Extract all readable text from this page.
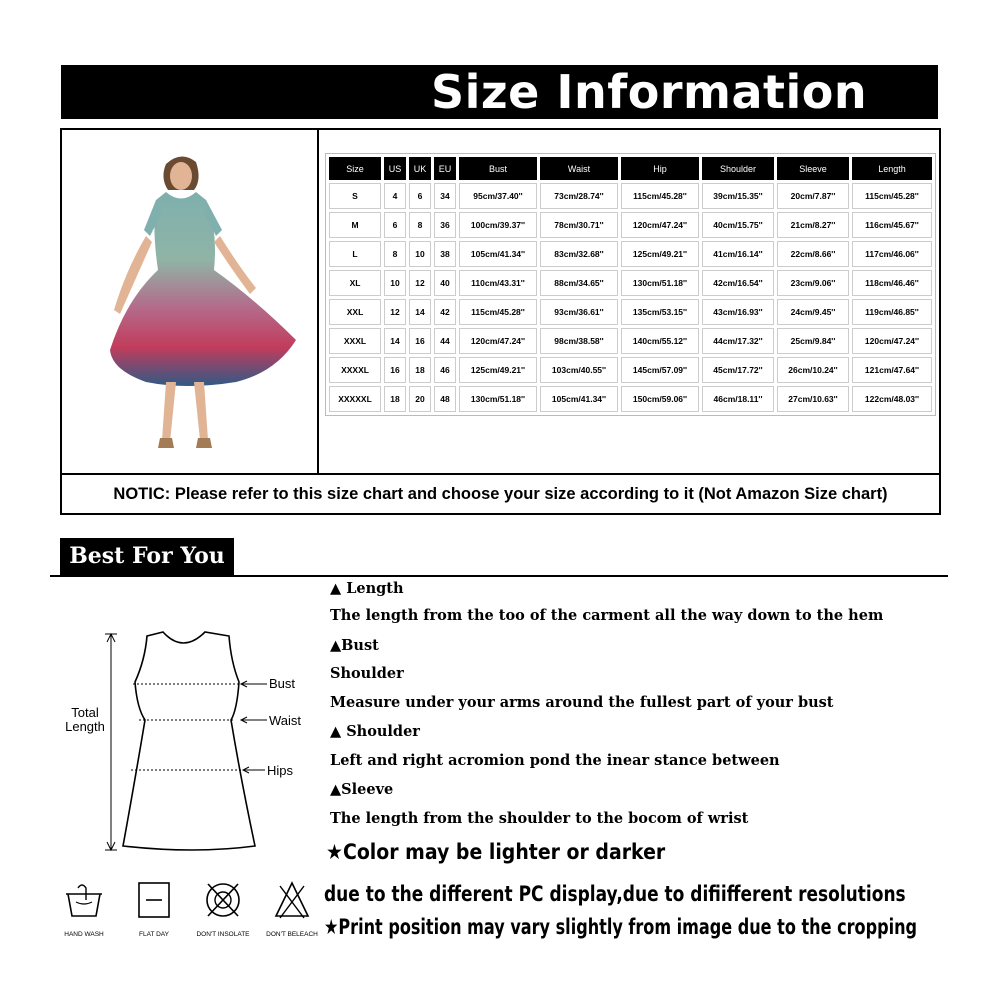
Size Information
Size	US	UK	EU	Bust	Waist	Hip	Shoulder	Sleeve	Length
S	4	6	34	95cm/37.40''	73cm/28.74''	115cm/45.28''	39cm/15.35''	20cm/7.87''	115cm/45.28''
M	6	8	36	100cm/39.37''	78cm/30.71''	120cm/47.24''	40cm/15.75''	21cm/8.27''	116cm/45.67''
L	8	10	38	105cm/41.34''	83cm/32.68''	125cm/49.21''	41cm/16.14''	22cm/8.66''	117cm/46.06''
XL	10	12	40	110cm/43.31''	88cm/34.65''	130cm/51.18''	42cm/16.54''	23cm/9.06''	118cm/46.46''
XXL	12	14	42	115cm/45.28''	93cm/36.61''	135cm/53.15''	43cm/16.93''	24cm/9.45''	119cm/46.85''
XXXL	14	16	44	120cm/47.24''	98cm/38.58''	140cm/55.12''	44cm/17.32''	25cm/9.84''	120cm/47.24''
XXXXL	16	18	46	125cm/49.21''	103cm/40.55''	145cm/57.09''	45cm/17.72''	26cm/10.24''	121cm/47.64''
XXXXXL	18	20	48	130cm/51.18''	105cm/41.34''	150cm/59.06''	46cm/18.11''	27cm/10.63''	122cm/48.03''
NOTIC: Please refer to this size chart and choose your size according to it (Not Amazon Size chart)
Best For You
Total
Length
Bust
Waist
Hips
▲ Length
The length from the too of the carment all the way down to the hem
▲Bust
Shoulder
Measure under your arms around the fullest part of your bust
▲ Shoulder
Left and right acromion pond the inear stance between
▲Sleeve
The length from the shoulder to the bocom of wrist
★Color may be lighter or darker
due to the different PC display,due to difiifferent resolutions
★Print position may vary slightly from image due to the cropping
HAND WASH	FLAT DAY	DON'T INSOLATE	DON'T BELEACH
